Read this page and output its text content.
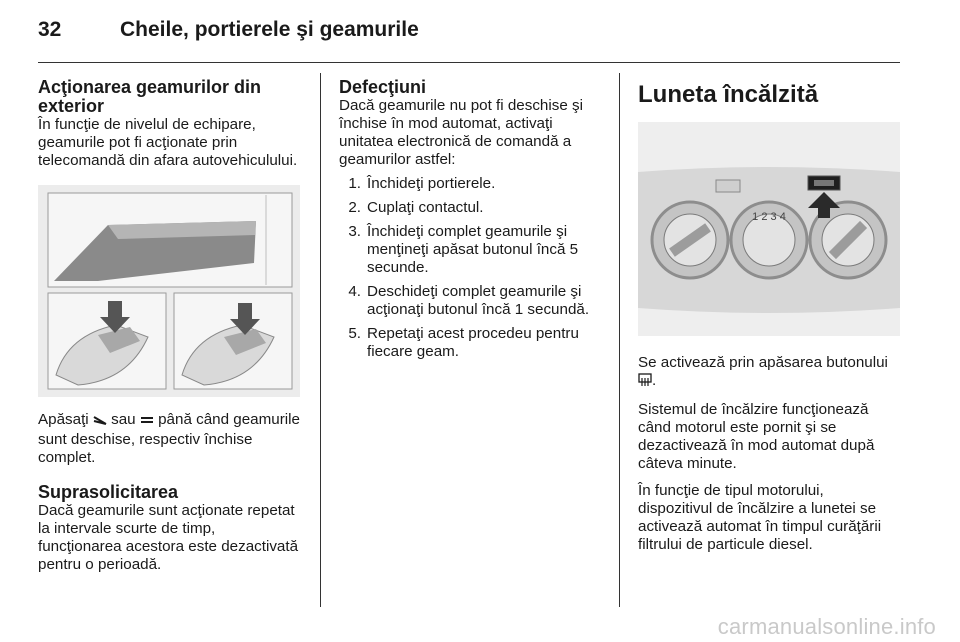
32	Cheile, portierele şi geamurile
Acţionarea geamurilor din exterior

În funcţie de nivelul de echipare, geamurile pot fi acţionate prin telecomandă din afara autovehiculului.

Apăsaţi sau până când geamurile sunt deschise, respectiv închise complet.

Suprasolicitarea

Dacă geamurile sunt acţionate repetat la intervale scurte de timp, funcţionarea acestora este dezactivată pentru o perioadă.

Defecţiuni

Dacă geamurile nu pot fi deschise şi închise în mod automat, activaţi unitatea electronică de comandă a geamurilor astfel:

1. Închideţi portierele.
2. Cuplaţi contactul.
3. Închideţi complet geamurile şi menţineţi apăsat butonul încă 5 secunde.
4. Deschideţi complet geamurile şi acţionaţi butonul încă 1 secundă.
5. Repetaţi acest procedeu pentru fiecare geam.
Luneta încălzită
1 2 3 4

Se activează prin apăsarea butonului .

Sistemul de încălzire funcţionează când motorul este pornit şi se dezactivează în mod automat după câteva minute.

În funcţie de tipul motorului, dispozitivul de încălzire a lunetei se activează automat în timpul curăţării filtrului de particule diesel.

carmanualsonline.info
